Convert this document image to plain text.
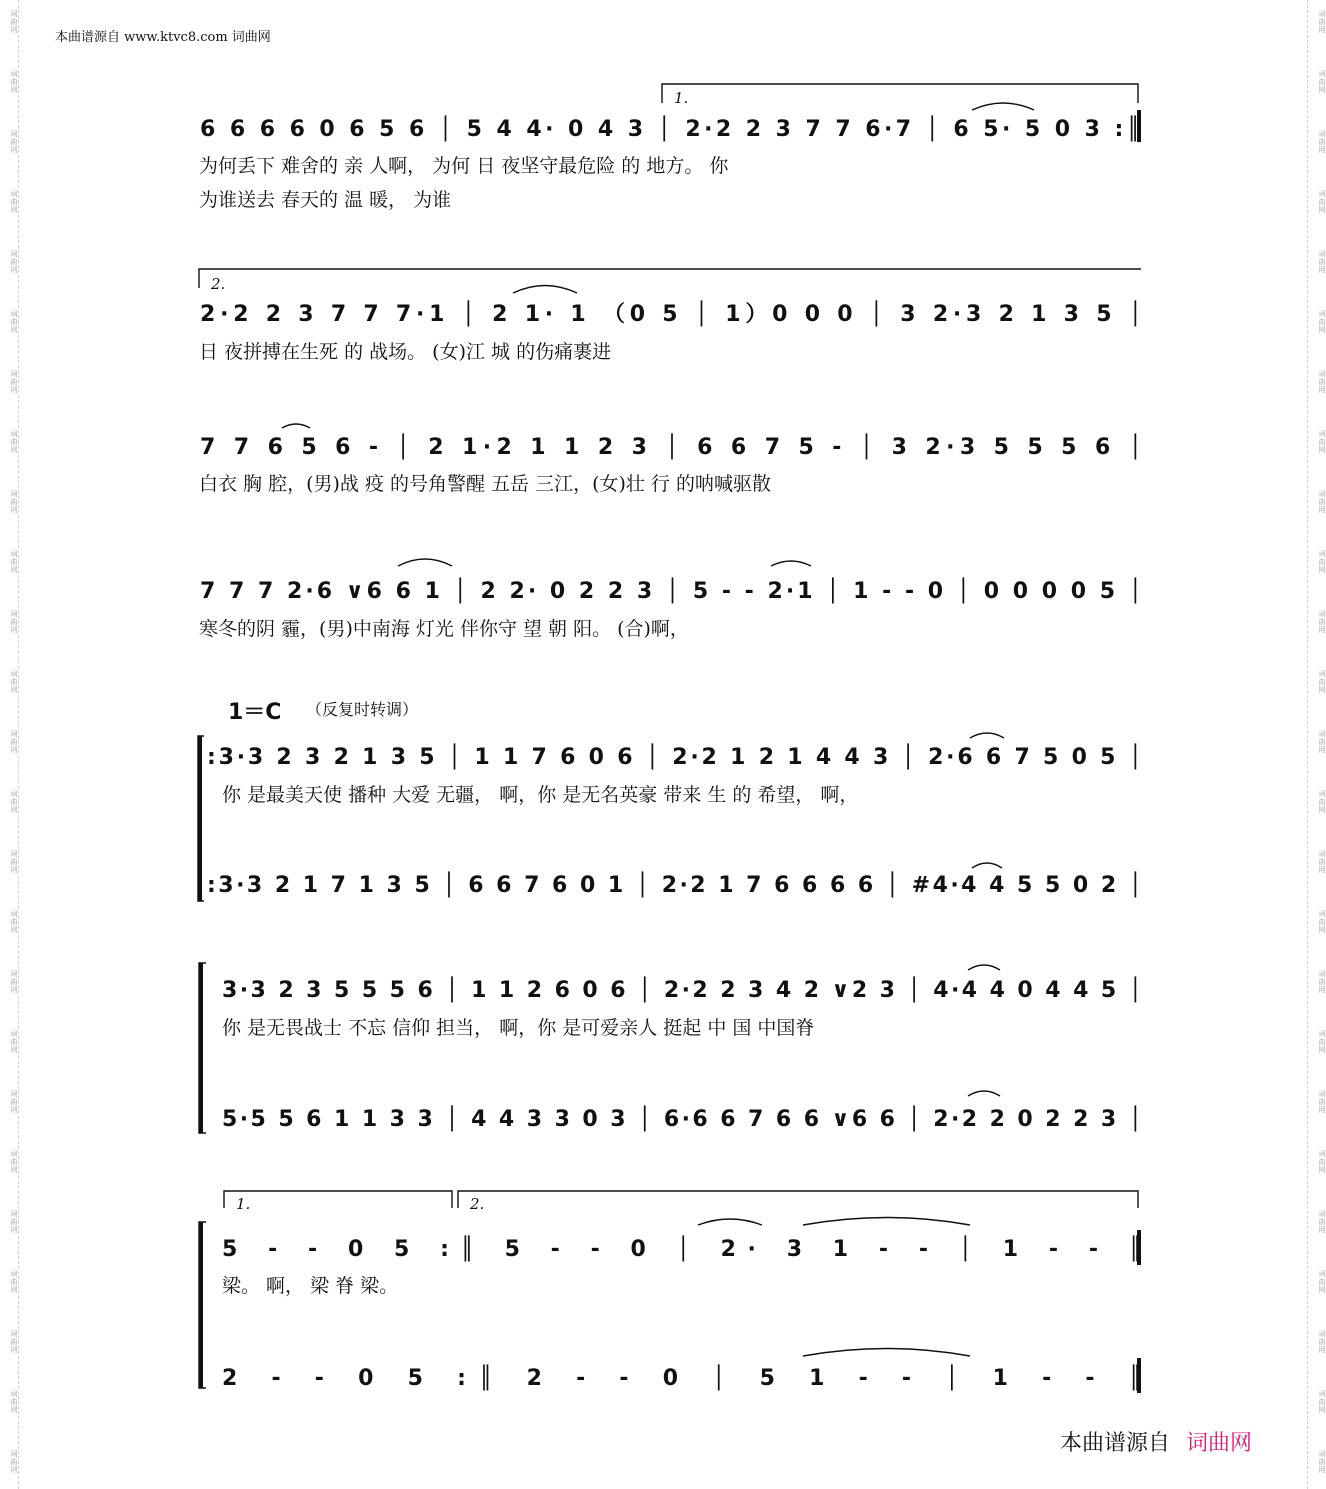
本曲谱源自 www.ktvc8.com 词曲网
本曲谱源自 词曲网
1.
2.
1.	2.
1＝C （反复时转调）
6 6 6 6 0 6 5 6 │ 5 4 4· 0 4 3 │ 2·2 2 3 7 7 6·7 │ 6 5· 5 0 3 :║
为何丢下 难舍的 亲 人啊， 为何 日 夜坚守最危险 的 地方。 你
为谁送去 春天的 温 暖， 为谁
2·2 2 3 7 7 7·1 │ 2 1· 1 （0 5 │ 1）0 0 0 │ 3 2·3 2 1 3 5 │
日 夜拼搏在生死 的 战场。 (女)江 城 的伤痛裹进
7 7 6 5 6 - │ 2 1·2 1 1 2 3 │ 6 6 7 5 - │ 3 2·3 5 5 5 6 │
白衣 胸 腔，(男)战 疫 的号角警醒 五岳 三江，(女)壮 行 的呐喊驱散
7 7 7 2·6 ∨6 6 1 │ 2 2· 0 2 2 3 │ 5 - - 2·1 │ 1 - - 0 │ 0 0 0 0 5 │
寒冬的阴 霾，(男)中南海 灯光 伴你守 望 朝 阳。 (合)啊，
:3·3 2 3 2 1 3 5 │ 1 1 7 6 0 6 │ 2·2 1 2 1 4 4 3 │ 2·6 6 7 5 0 5 │
你 是最美天使 播种 大爱 无疆， 啊，你 是无名英豪 带来 生 的 希望， 啊，
:3·3 2 1 7 1 3 5 │ 6 6 7 6 0 1 │ 2·2 1 7 6 6 6 6 │ #4·4 4 5 5 0 2 │
3·3 2 3 5 5 5 6 │ 1 1 2 6 0 6 │ 2·2 2 3 4 2 ∨2 3 │ 4·4 4 0 4 4 5 │
你 是无畏战士 不忘 信仰 担当， 啊，你 是可爱亲人 挺起 中 国 中国脊
5·5 5 6 1 1 3 3 │ 4 4 3 3 0 3 │ 6·6 6 7 6 6 ∨6 6 │ 2·2 2 0 2 2 3 │
5 - - 0 5 :║ 5 - - 0 │ 2· 3 1 - - │ 1 - - ║
梁。 啊， 梁 脊 梁。
2 - - 0 5 :║ 2 - - 0 │ 5 1 - - │ 1 - - ║
词曲网
词曲网
词曲网
词曲网
词曲网
词曲网
词曲网
词曲网
词曲网
词曲网
词曲网
词曲网
词曲网
词曲网
词曲网
词曲网
词曲网
词曲网
词曲网
词曲网
词曲网
词曲网
词曲网
词曲网
词曲网
词曲网
词曲网
词曲网
词曲网
词曲网
词曲网
词曲网
词曲网
词曲网
词曲网
词曲网
词曲网
词曲网
词曲网
词曲网
词曲网
词曲网
词曲网
词曲网
词曲网
词曲网
词曲网
词曲网
词曲网
词曲网
